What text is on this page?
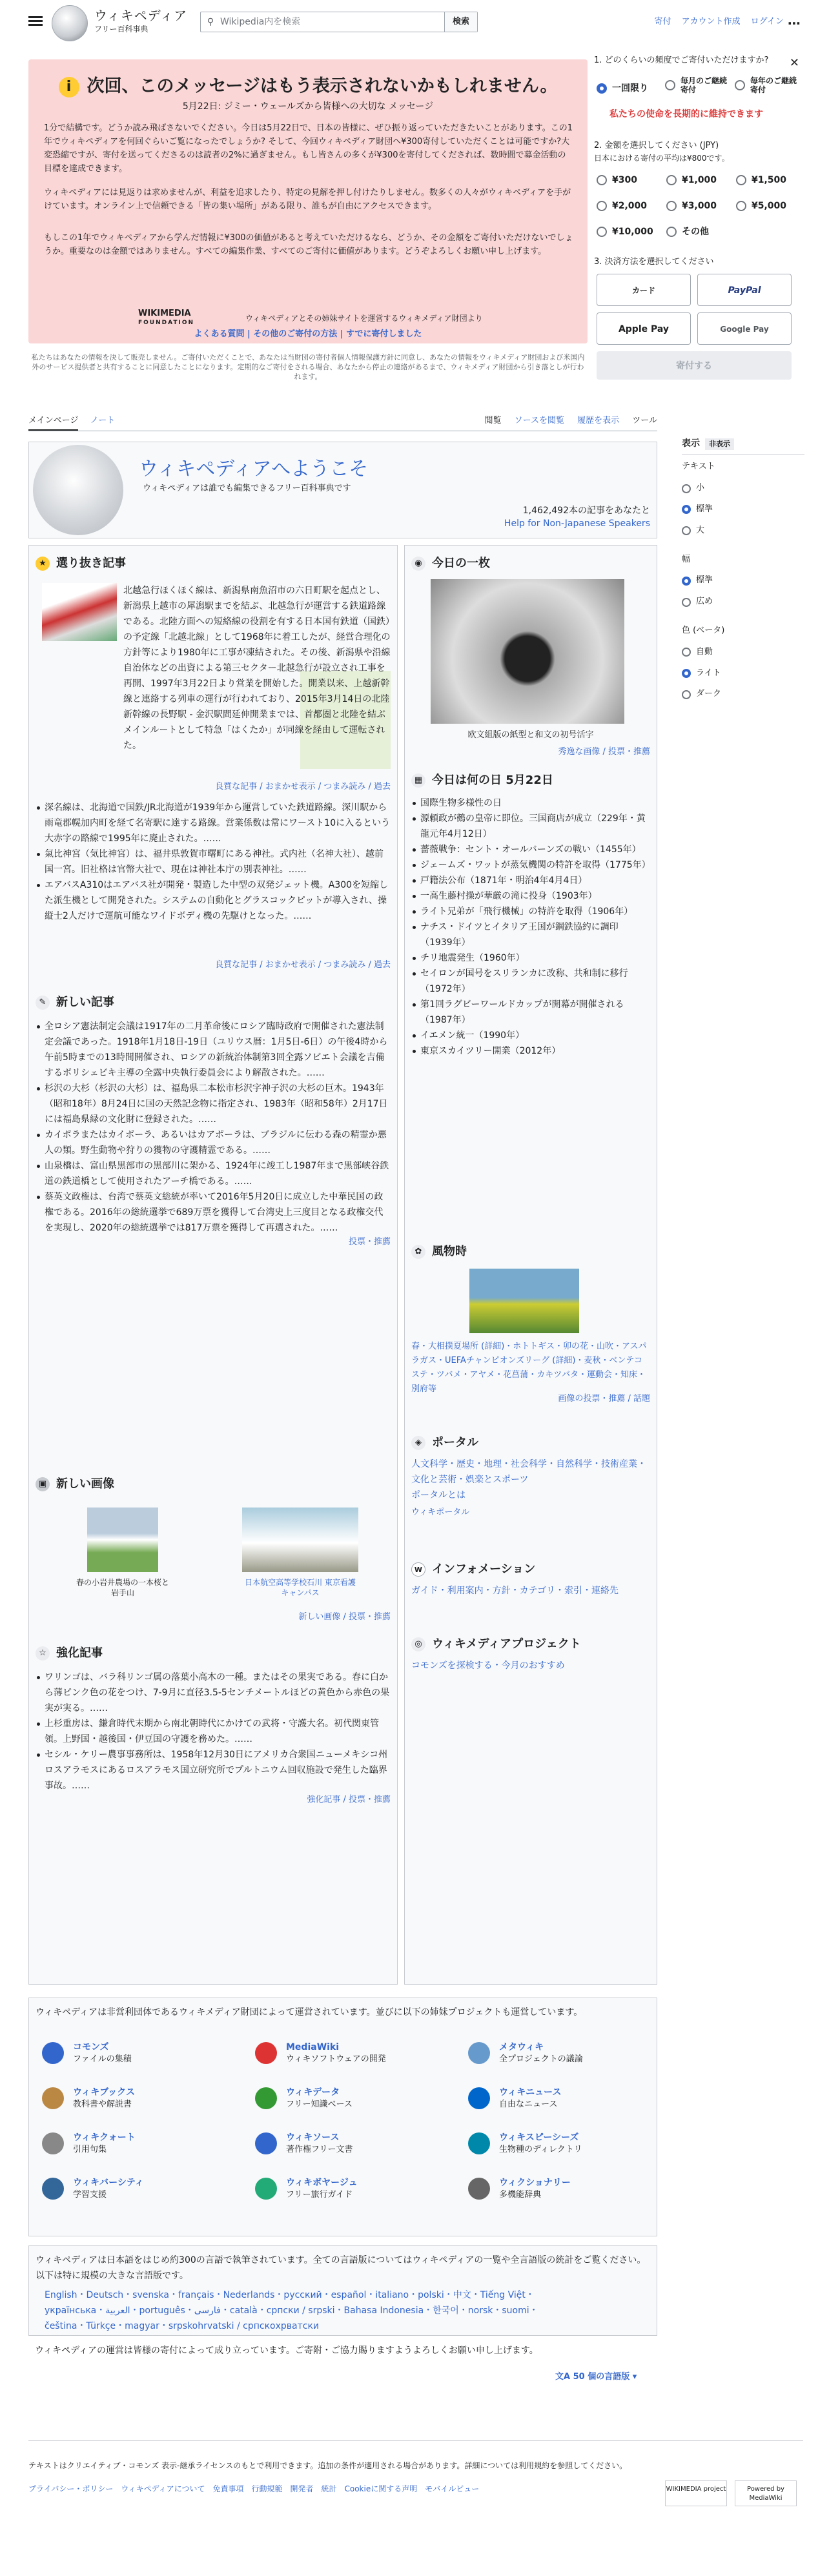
ウィキペディア
フリー百科事典
⚲ Wikipedia内を検索	検索	寄付 アカウント作成 ログイン ⋯
i 次回、このメッセージはもう表示されないかもしれません。
5月22日: ジミー・ウェールズから皆様への大切な メッセージ
1分で結構です。どうか読み飛ばさないでください。今日は5月22日で、日本の皆様に、ぜひ振り返っていただきたいことがあります。この1年でウィキペディアを何回ぐらいご覧になったでしょうか? そして、今回ウィキペディア財団へ¥300寄付していただくことは可能ですか?大変恐縮ですが、寄付を送ってくださるのは読者の2%に過ぎません。もし皆さんの多くが¥300を寄付してくだされば、数時間で募金活動の目標を達成できます。
ウィキペディアには見返りは求めませんが、利益を追求したり、特定の見解を押し付けたりしません。数多くの人々がウィキペディアを手がけています。オンライン上で信頼できる「皆の集い場所」がある限り、誰もが自由にアクセスできます。
もしこの1年でウィキペディアから学んだ情報に¥300の価値があると考えていただけるなら、どうか、その金額をご寄付いただけないでしょうか。重要なのは金額ではありません。すべての編集作業、すべてのご寄付に価値があります。どうぞよろしくお願い申し上げます。
WIKIMEDIA
FOUNDATION	ウィキペディアとその姉妹サイトを運営するウィキメディア財団より
よくある質問 | その他のご寄付の方法 | すでに寄付しました
✕
1. どのくらいの頻度でご寄付いただけますか?
一回限り
毎月のご継続寄付
毎年のご継続寄付
私たちの使命を長期的に維持できます
2. 金額を選択してください (JPY)
日本における寄付の平均は¥800です。
¥300	¥1,000	¥1,500
¥2,000	¥3,000	¥5,000
¥10,000	その他
3. 決済方法を選択してください
カード	PayPal
Apple Pay	Google Pay
寄付する
私たちはあなたの情報を決して販売しません。ご寄付いただくことで、あなたは当財団の寄付者個人情報保護方針に同意し、あなたの情報をウィキメディア財団および米国内外のサービス提供者と共有することに同意したことになります。定期的なご寄付をされる場合、あなたから停止の連絡があるまで、ウィキメディア財団から引き落としが行われます。
メインページ ノート	閲覧 ソースを閲覧 履歴を表示 ツール
ウィキペディアへようこそ
ウィキペディアは誰でも編集できるフリー百科事典です
1,462,492本の記事をあなたと
Help for Non-Japanese Speakers
★ 選り抜き記事
北越急行ほくほく線は、新潟県南魚沼市の六日町駅を起点とし、新潟県上越市の犀潟駅までを結ぶ、北越急行が運営する鉄道路線である。北陸方面への短絡線の役割を有する日本国有鉄道（国鉄）の予定線「北越北線」として1968年に着工したが、経営合理化の方針等により1980年に工事が凍結された。その後、新潟県や沿線自治体などの出資による第三セクター北越急行が設立され工事を再開、1997年3月22日より営業を開始した。開業以来、上越新幹線と連絡する列車の運行が行われており、2015年3月14日の北陸新幹線の長野駅 - 金沢駅間延伸開業までは、首都圏と北陸を結ぶメインルートとして特急「はくたか」が同線を経由して運転された。
良質な記事 / おまかせ表示 / つまみ読み / 過去
深名線は、北海道で国鉄/JR北海道が1939年から運営していた鉄道路線。深川駅から雨竜郡幌加内町を経て名寄駅に達する路線。営業係数は常にワースト10に入るという大赤字の路線で1995年に廃止された。……
氣比神宮（気比神宮）は、福井県敦賀市曙町にある神社。式内社（名神大社）、越前国一宮。旧社格は官幣大社で、現在は神社本庁の別表神社。……
エアバスA310はエアバス社が開発・製造した中型の双発ジェット機。A300を短縮した派生機として開発された。システムの自動化とグラスコックピットが導入され、操縦士2人だけで運航可能なワイドボディ機の先駆けとなった。……
良質な記事 / おまかせ表示 / つまみ読み / 過去
✎ 新しい記事
全ロシア憲法制定会議は1917年の二月革命後にロシア臨時政府で開催された憲法制定会議であった。1918年1月18日-19日（ユリウス暦：1月5日-6日）の午後4時から午前5時までの13時間開催され、ロシアの新統治体制第3回全露ソビエト会議を吉備するボリシェビキ主導の全露中央執行委員会により解散された。……
杉沢の大杉（杉沢の大杉）は、福島県二本松市杉沢字神子沢の大杉の巨木。1943年（昭和18年）8月24日に国の天然記念物に指定され、1983年（昭和58年）2月17日には福島県緑の文化財に登録された。……
カイポラまたはカイポーラ、あるいはカアポーラは、ブラジルに伝わる森の精霊か悪人の類。野生動物や狩りの獲物の守護精霊である。……
山泉橋は、富山県黒部市の黒部川に架かる、1924年に竣工し1987年まで黒部峡谷鉄道の鉄道橋として使用されたアーチ橋である。……
蔡英文政権は、台湾で蔡英文総統が率いて2016年5月20日に成立した中華民国の政権である。2016年の総統選挙で689万票を獲得して台湾史上三度目となる政権交代を実現し、2020年の総統選挙では817万票を獲得して再選された。……
投票・推薦
▣ 新しい画像
春の小岩井農場の一本桜と岩手山
日本航空高等学校石川 東京看護キャンパス
新しい画像 / 投票・推薦
☆ 強化記事
ワリンゴは、バラ科リンゴ属の落葉小高木の一種。またはその果実である。春に白から薄ピンク色の花をつけ、7-9月に直径3.5-5センチメートルほどの黄色から赤色の果実が実る。……
上杉重房は、鎌倉時代末期から南北朝時代にかけての武将・守護大名。初代関東管領。上野国・越後国・伊豆国の守護を務めた。……
セシル・ケリー農事事務所は、1958年12月30日にアメリカ合衆国ニューメキシコ州ロスアラモスにあるロスアラモス国立研究所でプルトニウム回収施設で発生した臨界事故。……
強化記事 / 投票・推薦
◉ 今日の一枚
欧文組版の紙型と和文の初号活字
秀逸な画像 / 投票・推薦
▦ 今日は何の日 5月22日
国際生物多様性の日
源頼政が鵺の皇帝に即位。三国商店が成立（229年・黄龍元年4月12日）
薔薇戦争：セント・オールバーンズの戦い（1455年）
ジェームズ・ワットが蒸気機関の特許を取得（1775年）
戸籍法公布（1871年・明治4年4月4日）
一高生藤村操が華厳の滝に投身（1903年）
ライト兄弟が「飛行機械」の特許を取得（1906年）
ナチス・ドイツとイタリア王国が鋼鉄協約に調印（1939年）
チリ地震発生（1960年）
セイロンが国号をスリランカに改称、共和制に移行（1972年）
第1回ラグビーワールドカップが開幕が開催される（1987年）
イエメン統一（1990年）
東京スカイツリー開業（2012年）
✿ 風物時
春・大相撲夏場所 (詳細)・ホトトギス・卯の花・山吹・アスパラガス・UEFAチャンピオンズリーグ (詳細)・麦秋・ベンテコステ・ツバメ・アヤメ・花菖蒲・カキツバタ・運動会・知床・別府等
画像の投票・推薦 / 話題
◈ ポータル
人文科学・歴史・地理・社会科学・自然科学・技術産業・文化と芸術・娯楽とスポーツ
ポータルとは
ウィキポータル
W インフォメーション
ガイド・利用案内・方針・カテゴリ・索引・連絡先
◎ ウィキメディアプロジェクト
コモンズを探検する・今月のおすすめ
ウィキペディアは非営利団体であるウィキメディア財団によって運営されています。並びに以下の姉妹プロジェクトも運営しています。
コモンズ
ファイルの集積
MediaWiki
ウィキソフトウェアの開発
メタウィキ
全プロジェクトの議論
ウィキブックス
教科書や解説書
ウィキデータ
フリー知識ベース
ウィキニュース
自由なニュース
ウィキクォート
引用句集
ウィキソース
著作権フリー文書
ウィキスピーシーズ
生物種のディレクトリ
ウィキバーシティ
学習支援
ウィキボヤージュ
フリー旅行ガイド
ウィクショナリー
多機能辞典
ウィキペディアは日本語をはじめ約300の言語で執筆されています。全ての言語版についてはウィキペディアの一覧や全言語版の統計をご覧ください。以下は特に規模の大きな言語版です。
English・Deutsch・svenska・français・Nederlands・русский・español・italiano・polski・中文・Tiếng Việt・
українська・العربية・português・فارسی・català・српски / srpski・Bahasa Indonesia・한국어・norsk・suomi・
čeština・Türkçe・magyar・srpskohrvatski / српскохрватски
ウィキペディアの運営は皆様の寄付によって成り立っています。ご寄附・ご協力賜りますようよろしくお願い申し上げます。
文A 50 個の言語版 ▾
テキストはクリエイティブ・コモンズ 表示-継承ライセンスのもとで利用できます。追加の条件が適用される場合があります。詳細については利用規約を参照してください。
プライバシー・ポリシー　ウィキペディアについて　免責事項　行動規範　開発者　統計　Cookieに関する声明　モバイルビュー	WIKIMEDIA project	Powered by MediaWiki
表示 非表示
テキスト
小
標準
大
幅
標準
広め
色 (ベータ)
自動
ライト
ダーク
